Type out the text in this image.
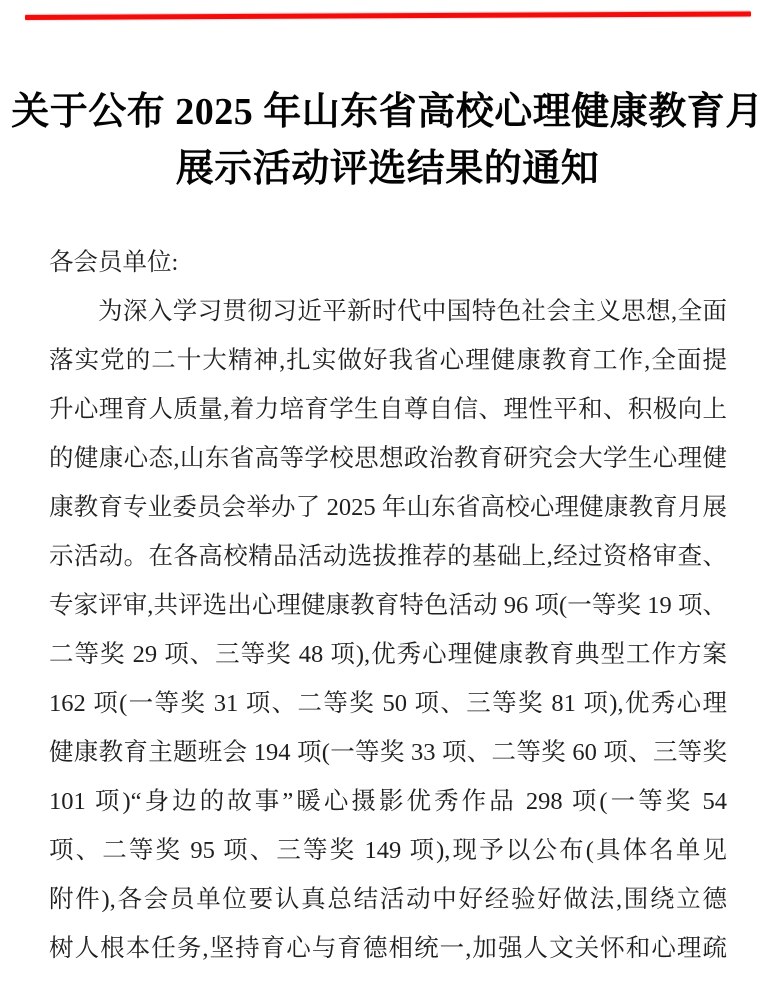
关于公布 2025 年山东省高校心理健康教育月
展示活动评选结果的通知
各会员单位:
为深入学习贯彻习近平新时代中国特色社会主义思想,全面
落实党的二十大精神,扎实做好我省心理健康教育工作,全面提
升心理育人质量,着力培育学生自尊自信、理性平和、积极向上
的健康心态,山东省高等学校思想政治教育研究会大学生心理健
康教育专业委员会举办了 2025 年山东省高校心理健康教育月展
示活动。在各高校精品活动选拔推荐的基础上,经过资格审查、
专家评审,共评选出心理健康教育特色活动 96 项(一等奖 19 项、
二等奖 29 项、三等奖 48 项),优秀心理健康教育典型工作方案
162 项(一等奖 31 项、二等奖 50 项、三等奖 81 项),优秀心理
健康教育主题班会 194 项(一等奖 33 项、二等奖 60 项、三等奖
101 项)“身边的故事”暖心摄影优秀作品 298 项(一等奖 54
项、二等奖 95 项、三等奖 149 项),现予以公布(具体名单见
附件),各会员单位要认真总结活动中好经验好做法,围绕立德
树人根本任务,坚持育心与育德相统一,加强人文关怀和心理疏
